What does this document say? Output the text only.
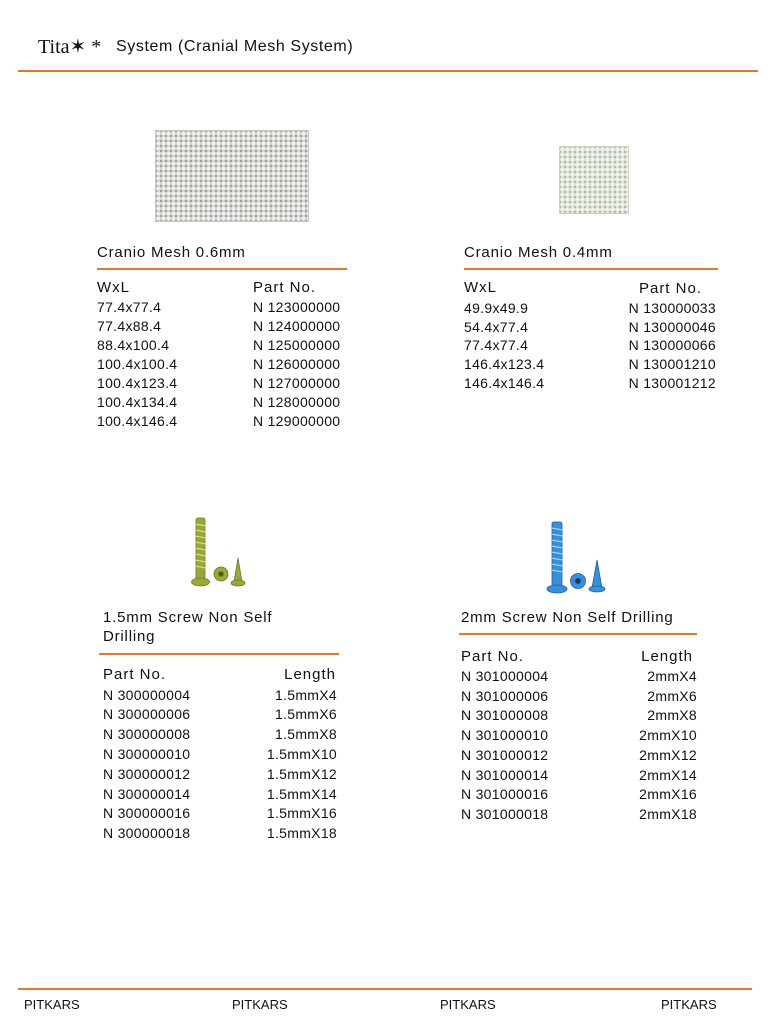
Tita✶ * System (Cranial Mesh System)
Cranio Mesh 0.6mm
WxL	Part No.
77.4x77.4	N 123000000
77.4x88.4	N 124000000
88.4x100.4	N 125000000
100.4x100.4	N 126000000
100.4x123.4	N 127000000
100.4x134.4	N 128000000
100.4x146.4	N 129000000
Cranio Mesh 0.4mm
WxL	Part No.
49.9x49.9	N 130000033
54.4x77.4	N 130000046
77.4x77.4	N 130000066
146.4x123.4	N 130001210
146.4x146.4	N 130001212
1.5mm Screw Non Self
Drilling
Part No.	Length
N 300000004	1.5mmX4
N 300000006	1.5mmX6
N 300000008	1.5mmX8
N 300000010	1.5mmX10
N 300000012	1.5mmX12
N 300000014	1.5mmX14
N 300000016	1.5mmX16
N 300000018	1.5mmX18
2mm Screw Non Self Drilling
Part No.	Length
N 301000004	2mmX4
N 301000006	2mmX6
N 301000008	2mmX8
N 301000010	2mmX10
N 301000012	2mmX12
N 301000014	2mmX14
N 301000016	2mmX16
N 301000018	2mmX18
PITKARS	PITKARS	PITKARS	PITKARS
